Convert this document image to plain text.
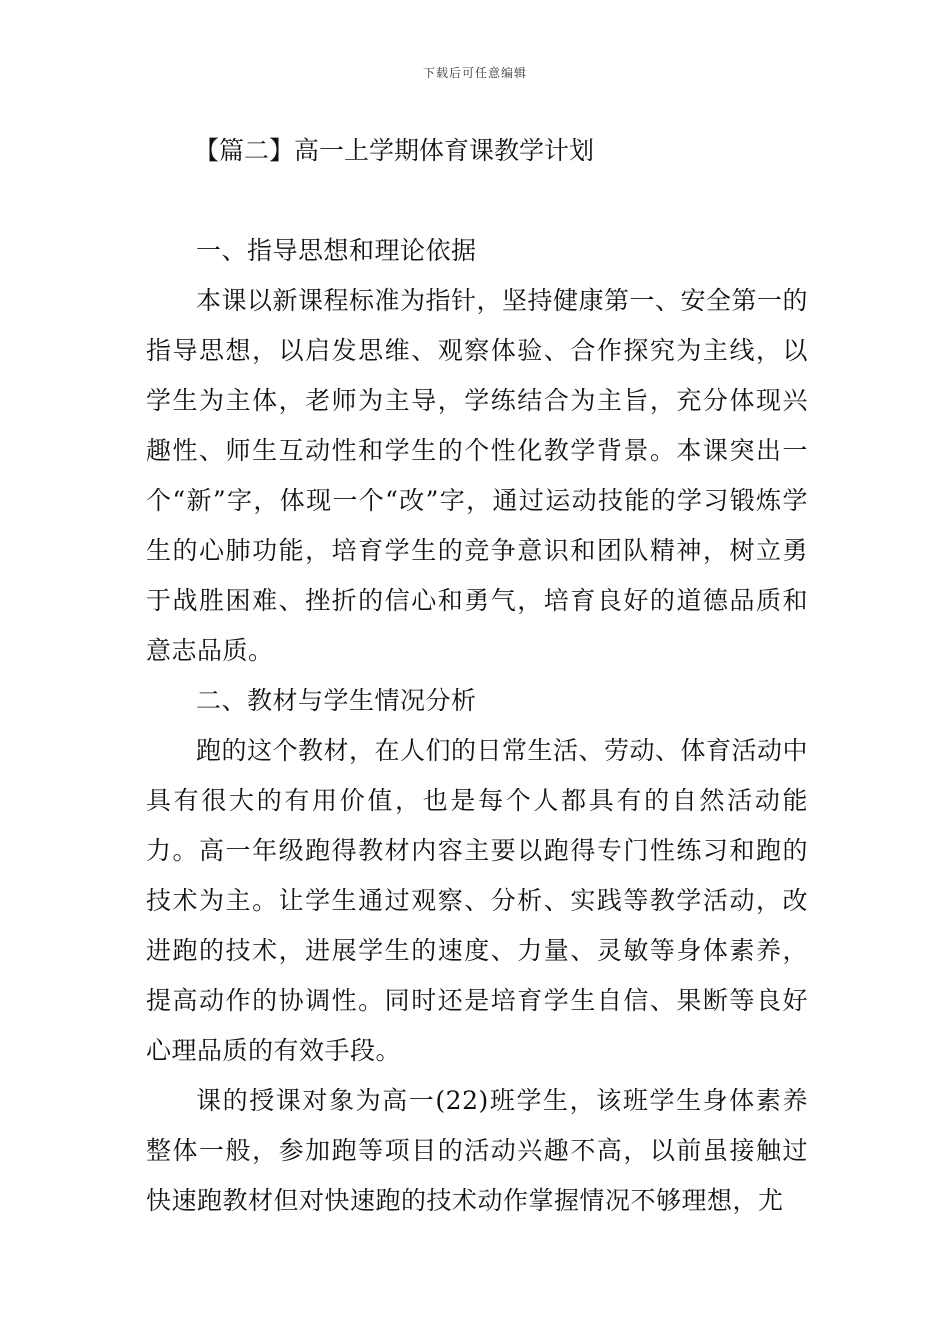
下载后可任意编辑
【篇二】高一上学期体育课教学计划

一、指导思想和理论依据

本课以新课程标准为指针，坚持健康第一、安全第一的指导思想，以启发思维、观察体验、合作探究为主线，以学生为主体，老师为主导，学练结合为主旨，充分体现兴趣性、师生互动性和学生的个性化教学背景。本课突出一个“新”字，体现一个“改”字，通过运动技能的学习锻炼学生的心肺功能，培育学生的竞争意识和团队精神，树立勇于战胜困难、挫折的信心和勇气，培育良好的道德品质和意志品质。

二、教材与学生情况分析

跑的这个教材，在人们的日常生活、劳动、体育活动中具有很大的有用价值，也是每个人都具有的自然活动能力。高一年级跑得教材内容主要以跑得专门性练习和跑的技术为主。让学生通过观察、分析、实践等教学活动，改进跑的技术，进展学生的速度、力量、灵敏等身体素养，提高动作的协调性。同时还是培育学生自信、果断等良好心理品质的有效手段。

课的授课对象为高一(22)班学生，该班学生身体素养整体一般，参加跑等项目的活动兴趣不高，以前虽接触过快速跑教材但对快速跑的技术动作掌握情况不够理想，尤
